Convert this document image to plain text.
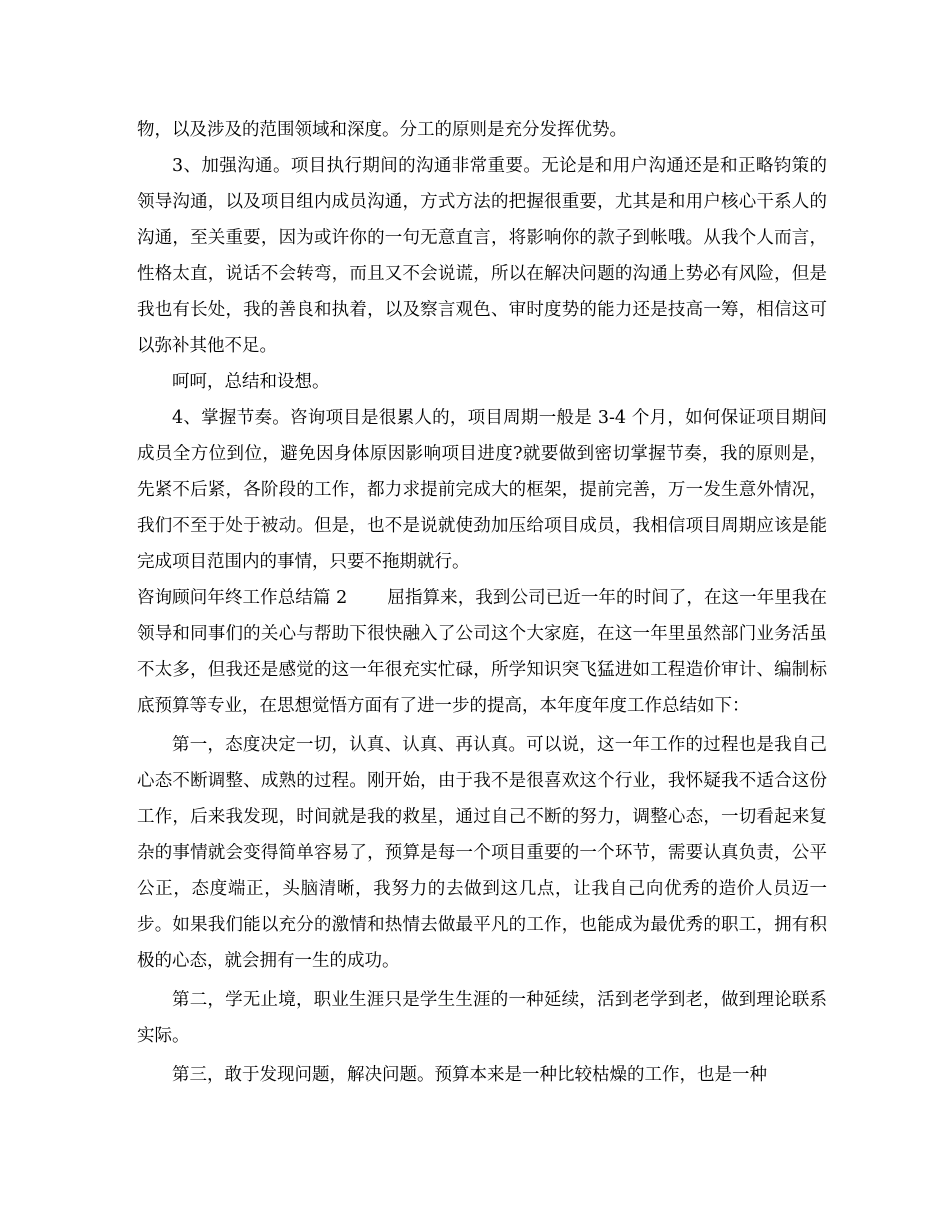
物，以及涉及的范围领域和深度。分工的原则是充分发挥优势。

3、加强沟通。项目执行期间的沟通非常重要。无论是和用户沟通还是和正略钧策的领导沟通，以及项目组内成员沟通，方式方法的把握很重要，尤其是和用户核心干系人的沟通，至关重要，因为或许你的一句无意直言，将影响你的款子到帐哦。从我个人而言，性格太直，说话不会转弯，而且又不会说谎，所以在解决问题的沟通上势必有风险，但是我也有长处，我的善良和执着，以及察言观色、审时度势的能力还是技高一筹，相信这可以弥补其他不足。

呵呵，总结和设想。

4、掌握节奏。咨询项目是很累人的，项目周期一般是 3-4 个月，如何保证项目期间成员全方位到位，避免因身体原因影响项目进度?就要做到密切掌握节奏，我的原则是，先紧不后紧，各阶段的工作，都力求提前完成大的框架，提前完善，万一发生意外情况，我们不至于处于被动。但是，也不是说就使劲加压给项目成员，我相信项目周期应该是能完成项目范围内的事情，只要不拖期就行。

咨询顾问年终工作总结篇 2 屈指算来，我到公司已近一年的时间了，在这一年里我在领导和同事们的关心与帮助下很快融入了公司这个大家庭，在这一年里虽然部门业务活虽不太多，但我还是感觉的这一年很充实忙碌，所学知识突飞猛进如工程造价审计、编制标底预算等专业，在思想觉悟方面有了进一步的提高，本年度年度工作总结如下：

第一，态度决定一切，认真、认真、再认真。可以说，这一年工作的过程也是我自己心态不断调整、成熟的过程。刚开始，由于我不是很喜欢这个行业，我怀疑我不适合这份工作，后来我发现，时间就是我的救星，通过自己不断的努力，调整心态，一切看起来复杂的事情就会变得简单容易了，预算是每一个项目重要的一个环节，需要认真负责，公平公正，态度端正，头脑清晰，我努力的去做到这几点，让我自己向优秀的造价人员迈一步。如果我们能以充分的激情和热情去做最平凡的工作，也能成为最优秀的职工，拥有积极的心态，就会拥有一生的成功。

第二，学无止境，职业生涯只是学生生涯的一种延续，活到老学到老，做到理论联系实际。

第三，敢于发现问题，解决问题。预算本来是一种比较枯燥的工作，也是一种
